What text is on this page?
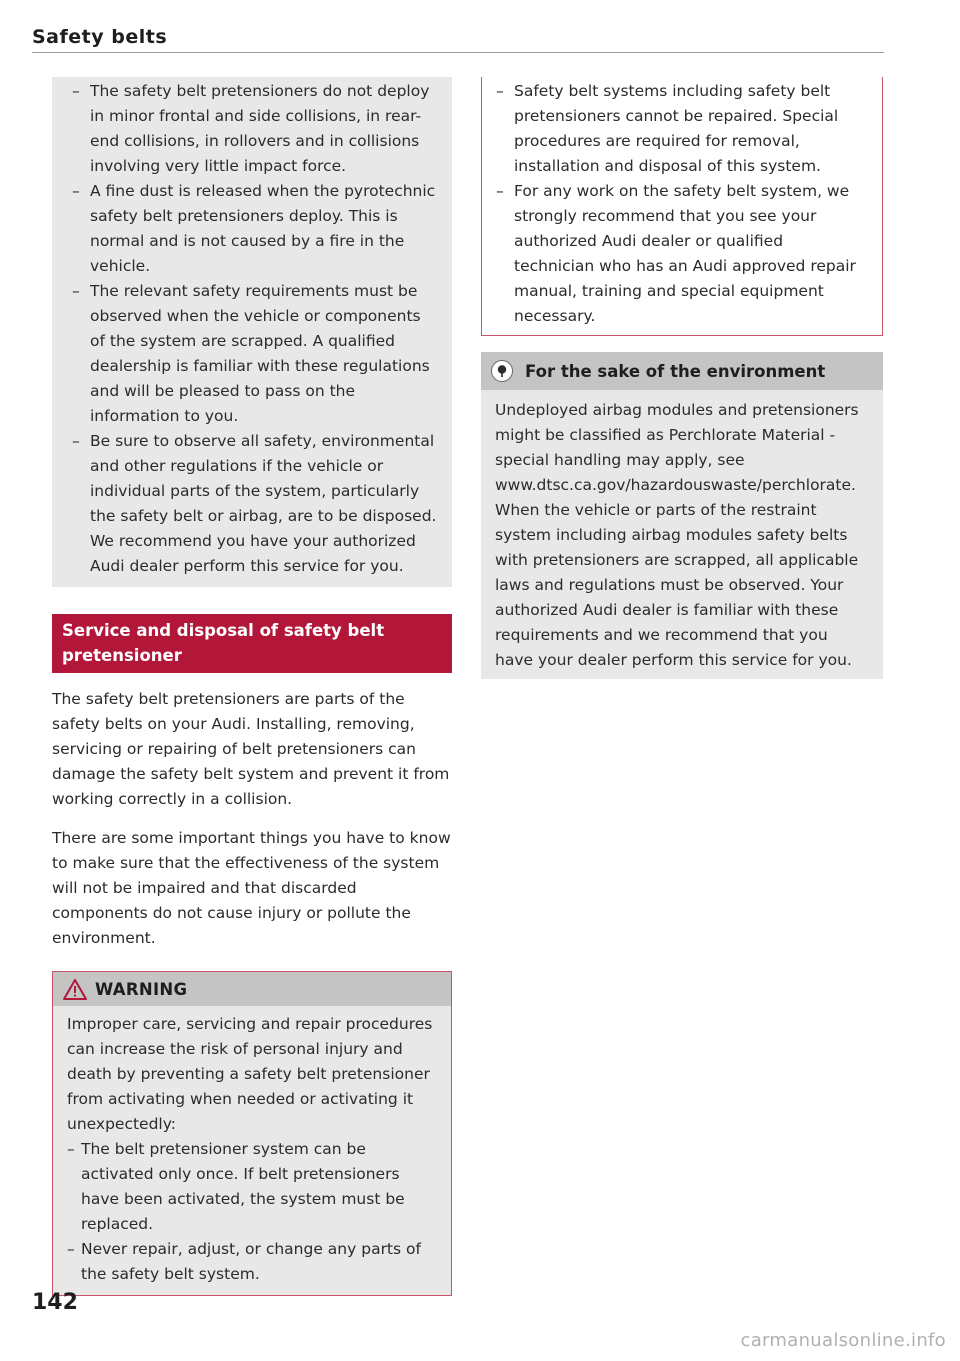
Safety belts
– The safety belt pretensioners do not deploy in minor frontal and side collisions, in rear-end collisions, in rollovers and in collisions involving very little impact force.
– A fine dust is released when the pyrotechnic safety belt pretensioners deploy. This is normal and is not caused by a fire in the vehicle.
– The relevant safety requirements must be observed when the vehicle or components of the system are scrapped. A qualified dealership is familiar with these regulations and will be pleased to pass on the information to you.
– Be sure to observe all safety, environmental and other regulations if the vehicle or individual parts of the system, particularly the safety belt or airbag, are to be disposed. We recommend you have your authorized Audi dealer perform this service for you.
Service and disposal of safety belt pretensioner

The safety belt pretensioners are parts of the safety belts on your Audi. Installing, removing, servicing or repairing of belt pretensioners can damage the safety belt system and prevent it from working correctly in a collision.

There are some important things you have to know to make sure that the effectiveness of the system will not be impaired and that discarded components do not cause injury or pollute the environment.

WARNING

Improper care, servicing and repair procedures can increase the risk of personal injury and death by preventing a safety belt pretensioner from activating when needed or activating it unexpectedly:

– The belt pretensioner system can be activated only once. If belt pretensioners have been activated, the system must be replaced.
– Never repair, adjust, or change any parts of the safety belt system.
– Safety belt systems including safety belt pretensioners cannot be repaired. Special procedures are required for removal, installation and disposal of this system.
– For any work on the safety belt system, we strongly recommend that you see your authorized Audi dealer or qualified technician who has an Audi approved repair manual, training and special equipment necessary.
For the sake of the environment
Undeployed airbag modules and pretensioners might be classified as Perchlorate Material -special handling may apply, see www.dtsc.ca.gov/hazardouswaste/perchlorate. When the vehicle or parts of the restraint system including airbag modules safety belts with pretensioners are scrapped, all applicable laws and regulations must be observed. Your authorized Audi dealer is familiar with these requirements and we recommend that you have your dealer perform this service for you.
142
carmanualsonline.info
